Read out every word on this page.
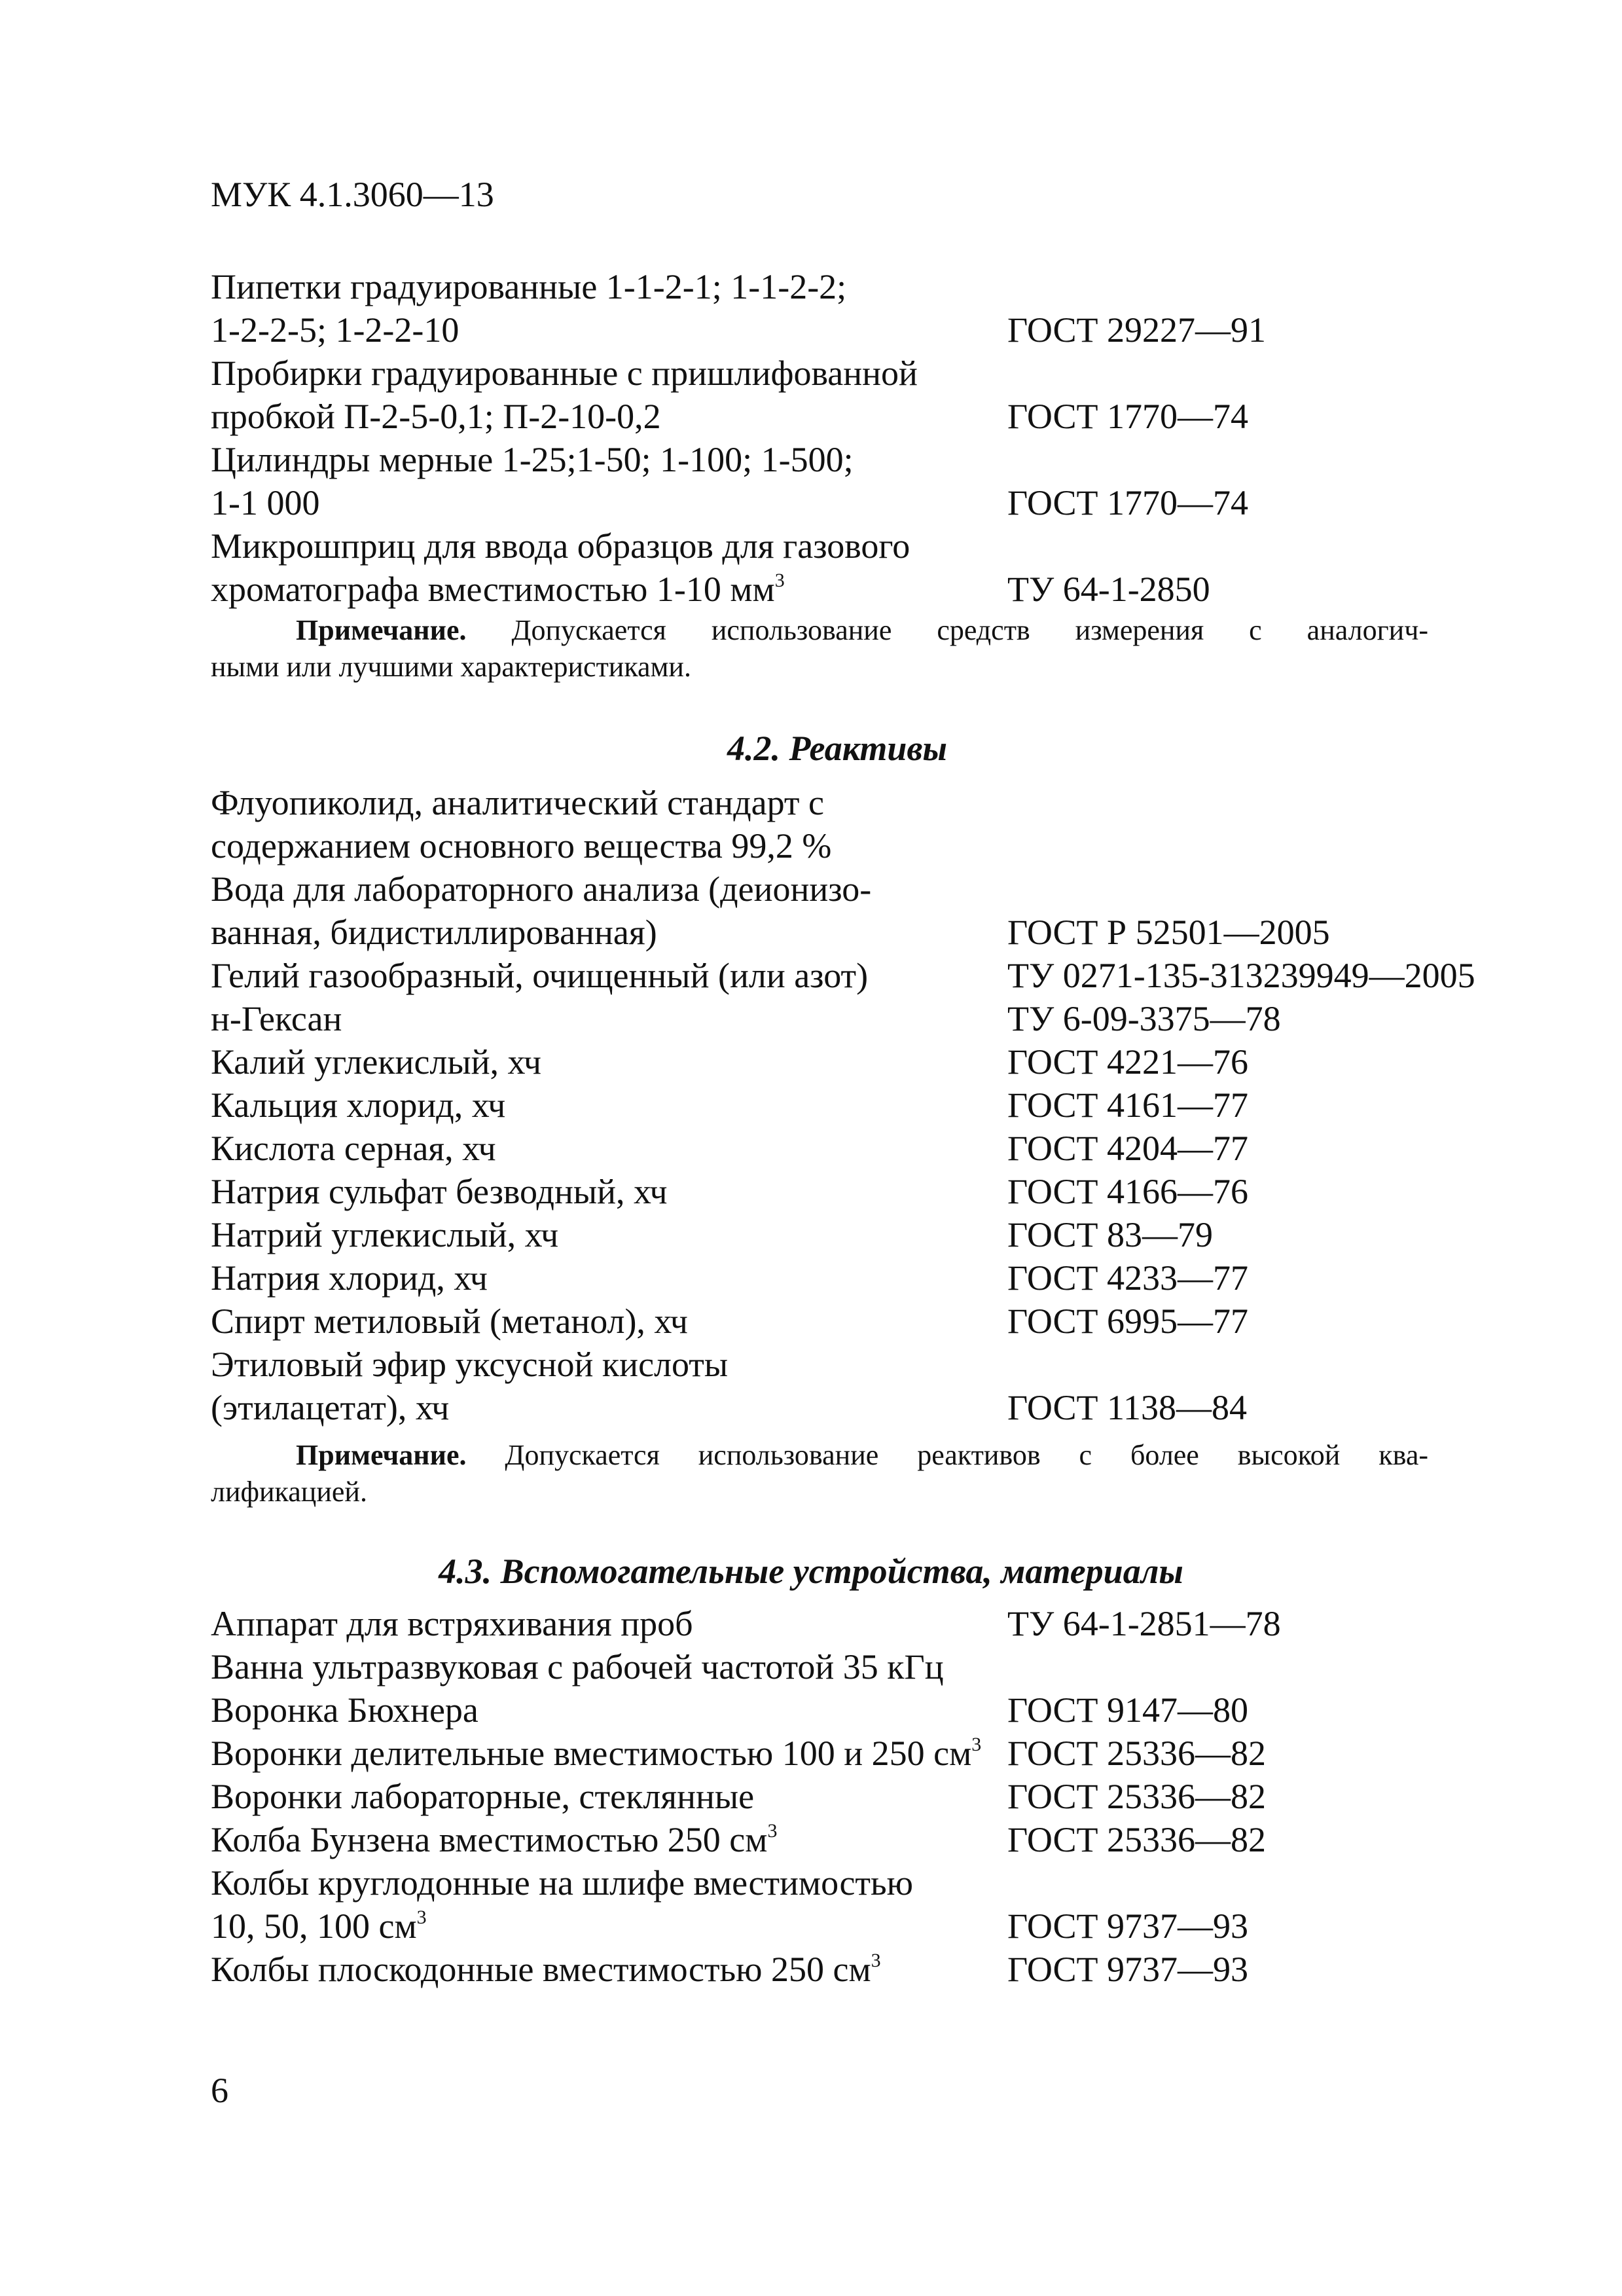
МУК 4.1.3060—13
Пипетки градуированные 1-1-2-1; 1-1-2-2;
1-2-2-5; 1-2-2-10	ГОСТ 29227—91
Пробирки градуированные с пришлифованной
пробкой П-2-5-0,1; П-2-10-0,2	ГОСТ 1770—74
Цилиндры мерные 1-25;1-50; 1-100; 1-500;
1-1 000	ГОСТ 1770—74
Микрошприц для ввода образцов для газового
хроматографа вместимостью 1-10 $мм^3$	ТУ 64-1-2850
Примечание. Допускается использование средств измерения с аналогич-
ными или лучшими характеристиками.
4.2. Реактивы
Флуопиколид, аналитический стандарт с
содержанием основного вещества 99,2 %
Вода для лабораторного анализа (деионизо-
ванная, бидистиллированная)	ГОСТ Р 52501—2005
Гелий газообразный, очищенный (или азот)	ТУ 0271-135-313239949—2005
н-Гексан	ТУ 6-09-3375—78
Калий углекислый, хч	ГОСТ 4221—76
Кальция хлорид, хч	ГОСТ 4161—77
Кислота серная, хч	ГОСТ 4204—77
Натрия сульфат безводный, хч	ГОСТ 4166—76
Натрий углекислый, хч	ГОСТ 83—79
Натрия хлорид, хч	ГОСТ 4233—77
Спирт метиловый (метанол), хч	ГОСТ 6995—77
Этиловый эфир уксусной кислоты
(этилацетат), хч	ГОСТ 1138—84
Примечание. Допускается использование реактивов с более высокой ква-
лификацией.
4.3. Вспомогательные устройства, материалы
Аппарат для встряхивания проб	ТУ 64-1-2851—78
Ванна ультразвуковая с рабочей частотой 35 кГц
Воронка Бюхнера	ГОСТ 9147—80
Воронки делительные вместимостью 100 и 250 $см^3$ ГОСТ 25336—82
Воронки лабораторные, стеклянные	ГОСТ 25336—82
Колба Бунзена вместимостью 250 $см^3$	ГОСТ 25336—82
Колбы круглодонные на шлифе вместимостью
10, 50, 100 $см^3$	ГОСТ 9737—93
Колбы плоскодонные вместимостью 250 $см^3$	ГОСТ 9737—93
6
